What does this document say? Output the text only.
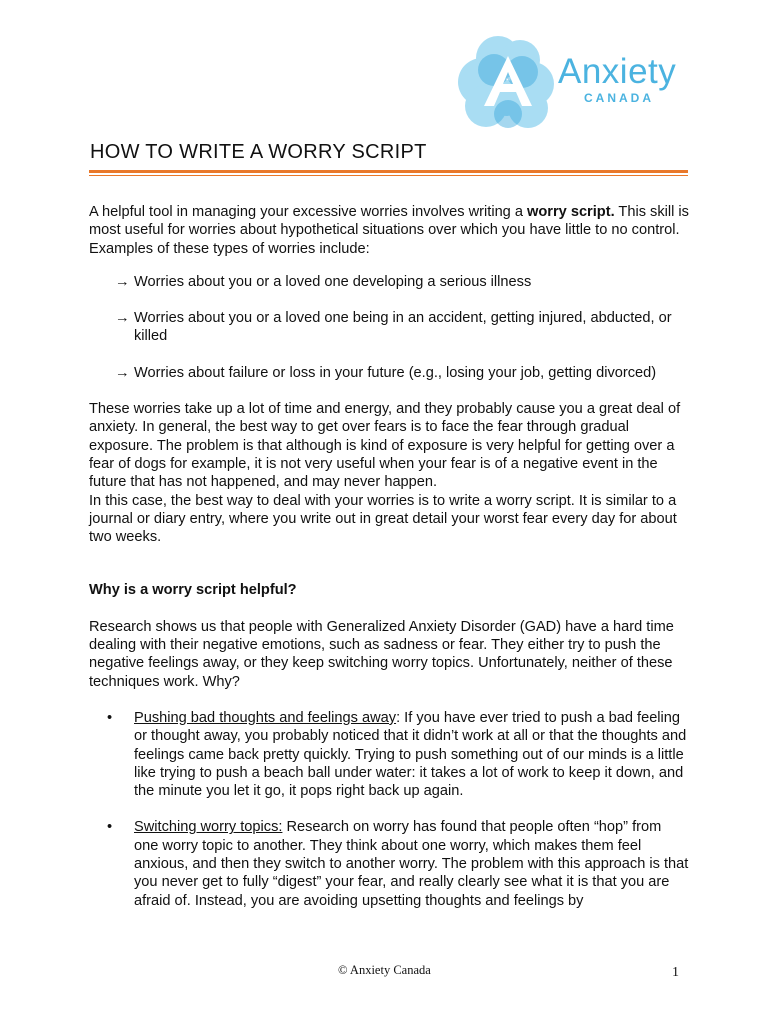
Anxiety
CANADA
HOW TO WRITE A WORRY SCRIPT

A helpful tool in managing your excessive worries involves writing a worry script. This skill is most useful for worries about hypothetical situations over which you have little to no control. Examples of these types of worries include:

→ Worries about you or a loved one developing a serious illness
→ Worries about you or a loved one being in an accident, getting injured, abducted, or killed
→ Worries about failure or loss in your future (e.g., losing your job, getting divorced)

These worries take up a lot of time and energy, and they probably cause you a great deal of anxiety. In general, the best way to get over fears is to face the fear through gradual exposure. The problem is that although is kind of exposure is very helpful for getting over a fear of dogs for example, it is not very useful when your fear is of a negative event in the future that has not happened, and may never happen.

In this case, the best way to deal with your worries is to write a worry script. It is similar to a journal or diary entry, where you write out in great detail your worst fear every day for about two weeks.

Why is a worry script helpful?

Research shows us that people with Generalized Anxiety Disorder (GAD) have a hard time dealing with their negative emotions, such as sadness or fear. They either try to push the negative feelings away, or they keep switching worry topics. Unfortunately, neither of these techniques work. Why?

• Pushing bad thoughts and feelings away: If you have ever tried to push a bad feeling or thought away, you probably noticed that it didn’t work at all or that the thoughts and feelings came back pretty quickly. Trying to push something out of our minds is a little like trying to push a beach ball under water: it takes a lot of work to keep it down, and the minute you let it go, it pops right back up again.
• Switching worry topics: Research on worry has found that people often “hop” from one worry topic to another. They think about one worry, which makes them feel anxious, and then they switch to another worry. The problem with this approach is that you never get to fully “digest” your fear, and really clearly see what it is that you are afraid of. Instead, you are avoiding upsetting thoughts and feelings by
© Anxiety Canada	1
